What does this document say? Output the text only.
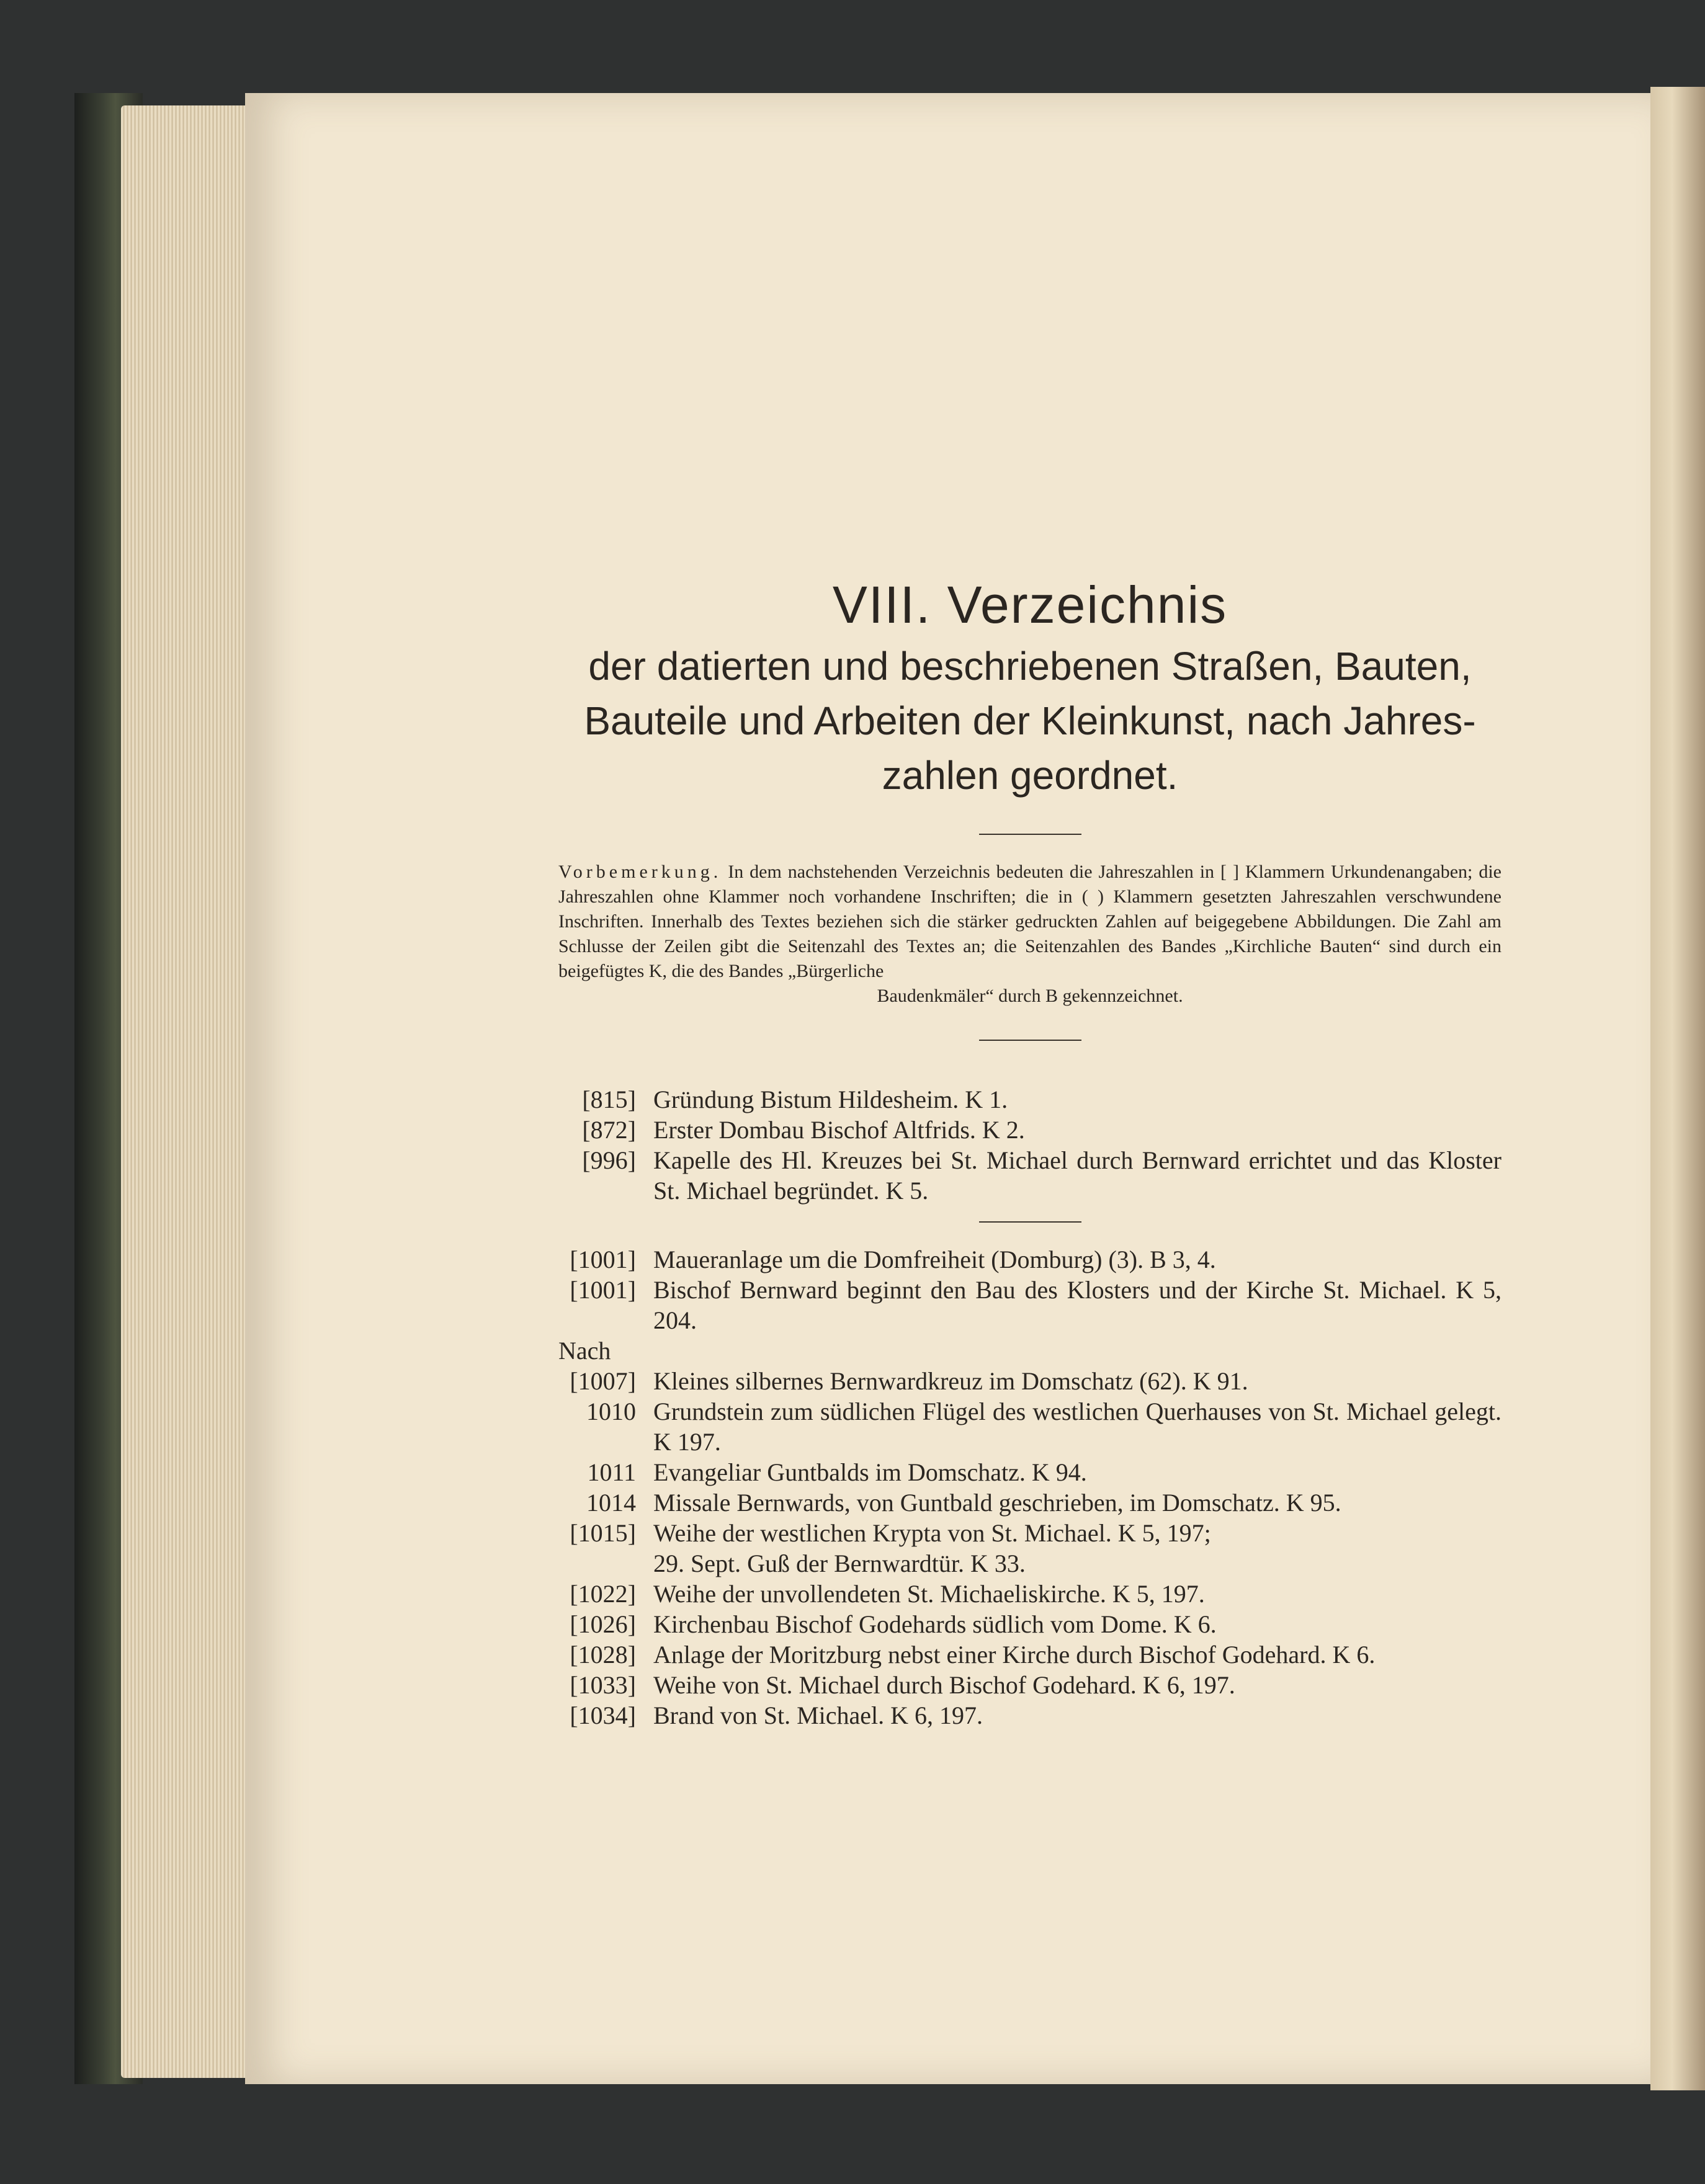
VIII. Verzeichnis
der datierten und beschriebenen Straßen, Bauten,
Bauteile und Arbeiten der Kleinkunst, nach Jahres-
zahlen geordnet.

Vorbemerkung. In dem nachstehenden Verzeichnis bedeuten die Jahreszahlen in [ ] Klammern Urkundenangaben; die Jahreszahlen ohne Klammer noch vorhandene Inschriften; die in ( ) Klammern gesetzten Jahreszahlen verschwundene Inschriften. Innerhalb des Textes beziehen sich die stärker gedruckten Zahlen auf beigegebene Abbildungen. Die Zahl am Schlusse der Zeilen gibt die Seitenzahl des Textes an; die Seitenzahlen des Bandes „Kirchliche Bauten“ sind durch ein beigefügtes K, die des Bandes „Bürgerliche
Baudenkmäler“ durch B gekennzeichnet.

[815] Gründung Bistum Hildesheim. K 1.
[872] Erster Dombau Bischof Altfrids. K 2.
[996] Kapelle des Hl. Kreuzes bei St. Michael durch Bernward errichtet und das Kloster St. Michael begründet. K 5.
[1001] Maueranlage um die Domfreiheit (Domburg) (3). B 3, 4.
[1001] Bischof Bernward beginnt den Bau des Klosters und der Kirche St. Michael. K 5, 204.
Nach
[1007] Kleines silbernes Bernwardkreuz im Domschatz (62). K 91.
1010 Grundstein zum südlichen Flügel des westlichen Querhauses von St. Michael gelegt. K 197.
1011 Evangeliar Guntbalds im Domschatz. K 94.
1014 Missale Bernwards, von Guntbald geschrieben, im Domschatz. K 95.
[1015] Weihe der westlichen Krypta von St. Michael. K 5, 197;
29. Sept. Guß der Bernwardtür. K 33.
[1022] Weihe der unvollendeten St. Michaeliskirche. K 5, 197.
[1026] Kirchenbau Bischof Godehards südlich vom Dome. K 6.
[1028] Anlage der Moritzburg nebst einer Kirche durch Bischof Godehard. K 6.
[1033] Weihe von St. Michael durch Bischof Godehard. K 6, 197.
[1034] Brand von St. Michael. K 6, 197.
